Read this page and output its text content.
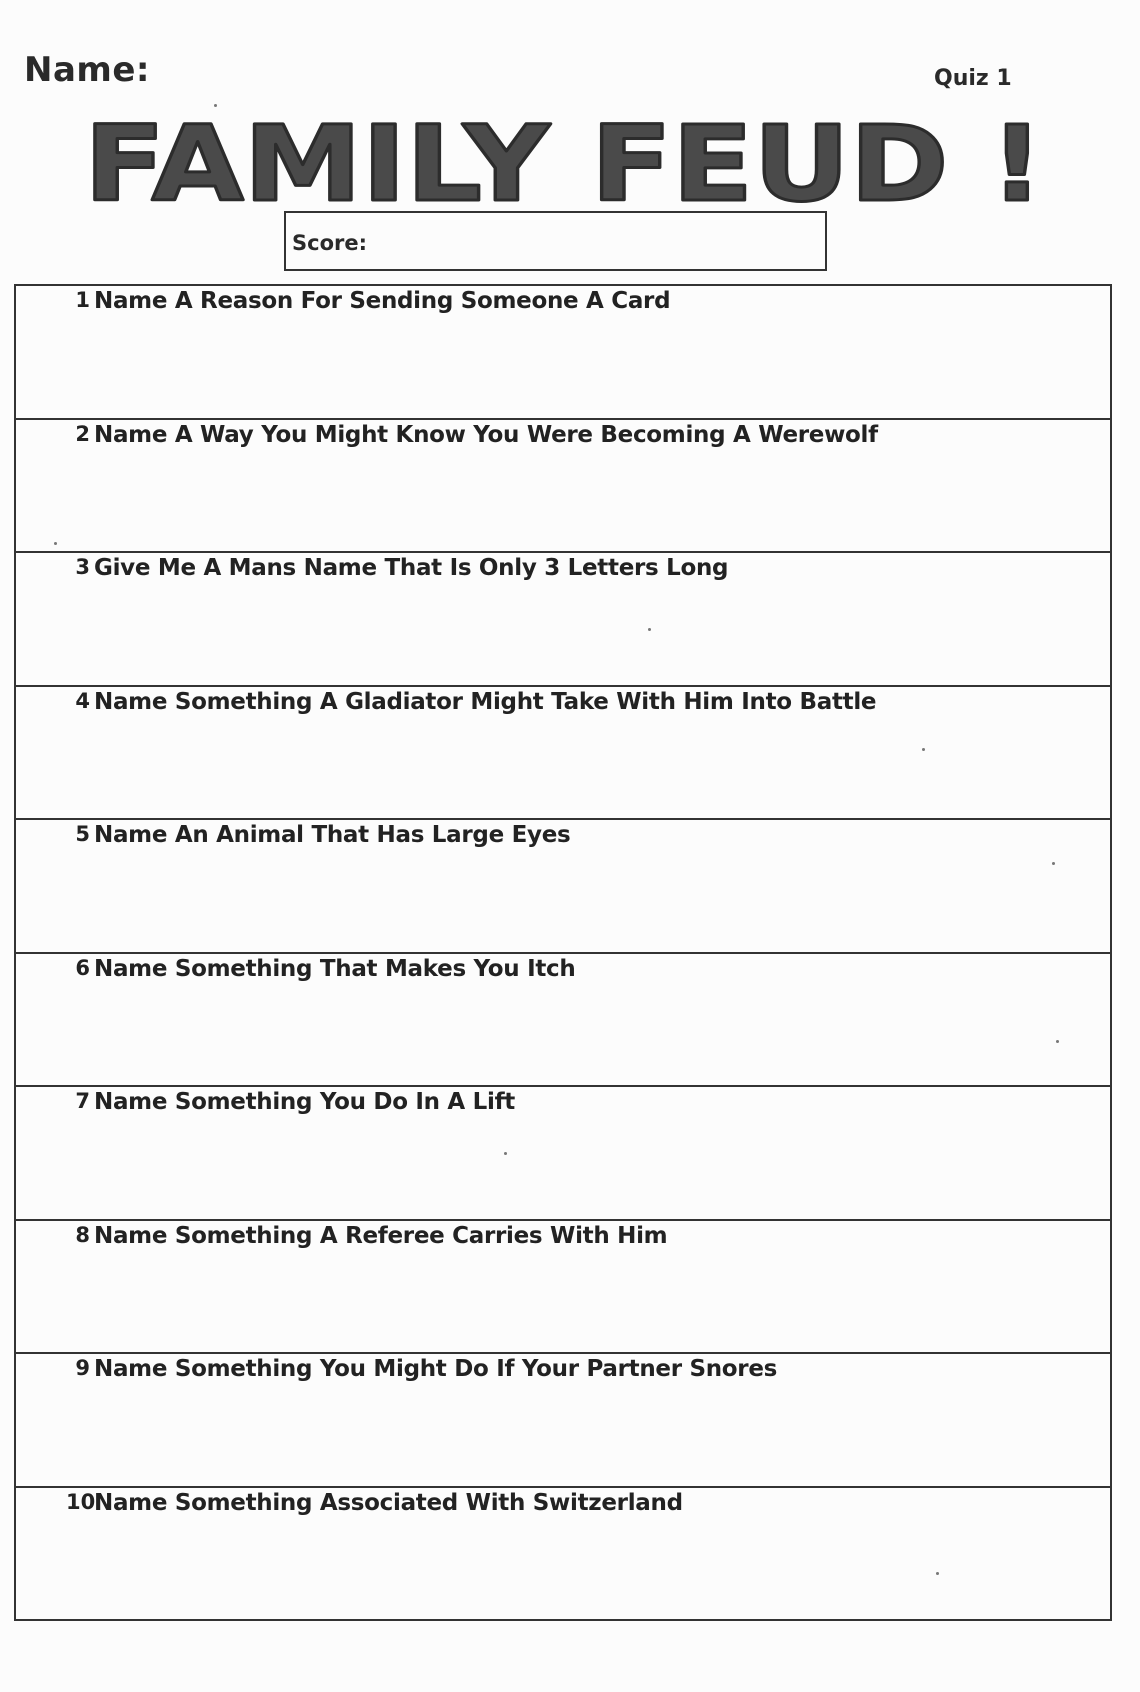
Name:	Quiz 1
FAMILY FEUD !
Score:
1 Name A Reason For Sending Someone A Card
2 Name A Way You Might Know You Were Becoming A Werewolf
3 Give Me A Mans Name That Is Only 3 Letters Long
4 Name Something A Gladiator Might Take With Him Into Battle
5 Name An Animal That Has Large Eyes
6 Name Something That Makes You Itch
7 Name Something You Do In A Lift
8 Name Something A Referee Carries With Him
9 Name Something You Might Do If Your Partner Snores
10
Name Something Associated With Switzerland
